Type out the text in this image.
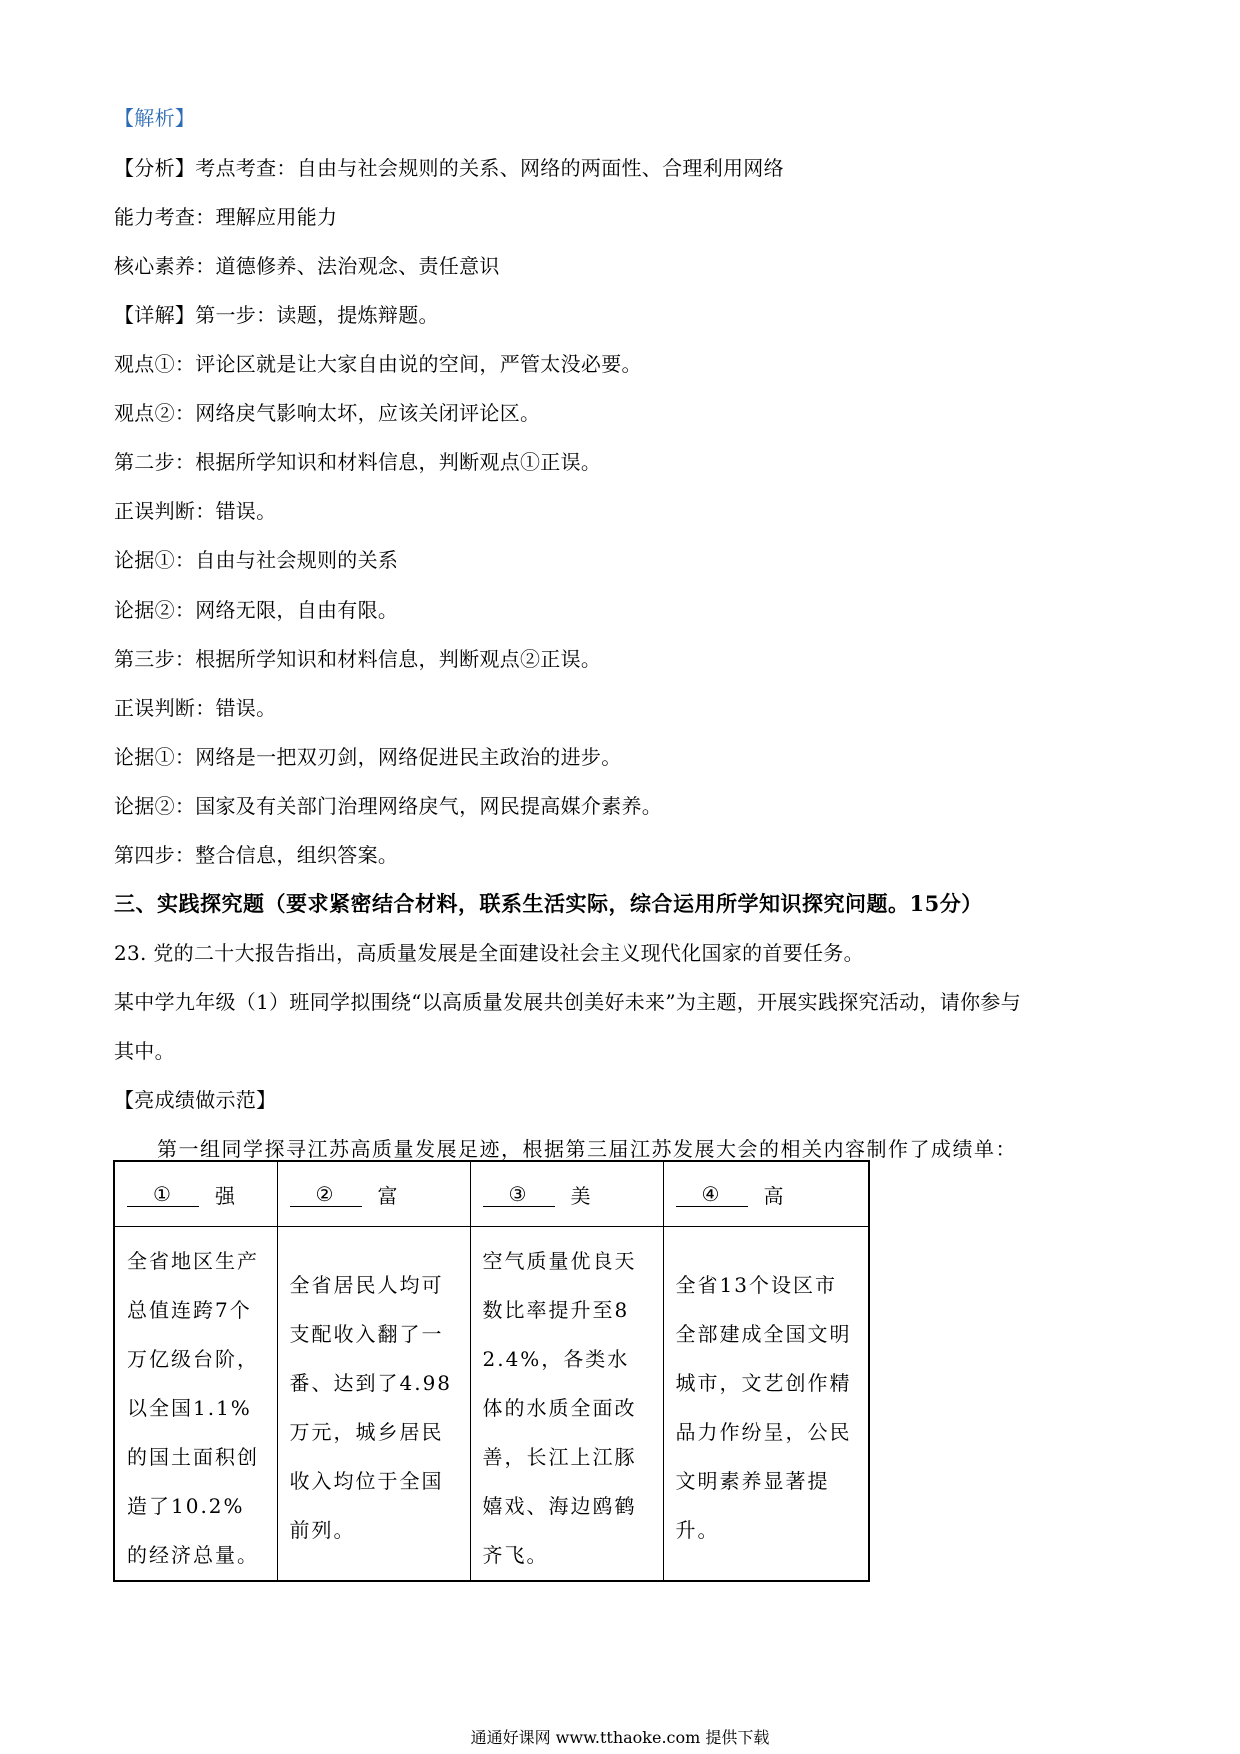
【解析】
【分析】考点考查：自由与社会规则的关系、网络的两面性、合理利用网络
能力考查：理解应用能力
核心素养：道德修养、法治观念、责任意识
【详解】第一步：读题，提炼辩题。
观点①：评论区就是让大家自由说的空间，严管太没必要。
观点②：网络戾气影响太坏，应该关闭评论区。
第二步：根据所学知识和材料信息，判断观点①正误。
正误判断：错误。
论据①：自由与社会规则的关系
论据②：网络无限，自由有限。
第三步：根据所学知识和材料信息，判断观点②正误。
正误判断：错误。
论据①：网络是一把双刃剑，网络促进民主政治的进步。
论据②：国家及有关部门治理网络戾气，网民提高媒介素养。
第四步：整合信息，组织答案。
三、实践探究题（要求紧密结合材料，联系生活实际，综合运用所学知识探究问题。15分）
23. 党的二十大报告指出，高质量发展是全面建设社会主义现代化国家的首要任务。
某中学九年级（1）班同学拟围绕“以高质量发展共创美好未来”为主题，开展实践探究活动，请你参与
其中。
【亮成绩做示范】
　　第一组同学探寻江苏高质量发展足迹，根据第三届江苏发展大会的相关内容制作了成绩单：
① 强	② 富	③ 美	④ 高

全省地区生产总值连跨7个万亿级台阶，以全国1.1%的国土面积创造了10.2%的经济总量。	全省居民人均可支配收入翻了一番、达到了4.98万元，城乡居民收入均位于全国前列。	空气质量优良天数比率提升至82.4%，各类水体的水质全面改善，长江上江豚嬉戏、海边鸥鹤齐飞。	全省13个设区市全部建成全国文明城市，文艺创作精品力作纷呈，公民文明素养显著提升。
通通好课网 www.tthaoke.com 提供下载
